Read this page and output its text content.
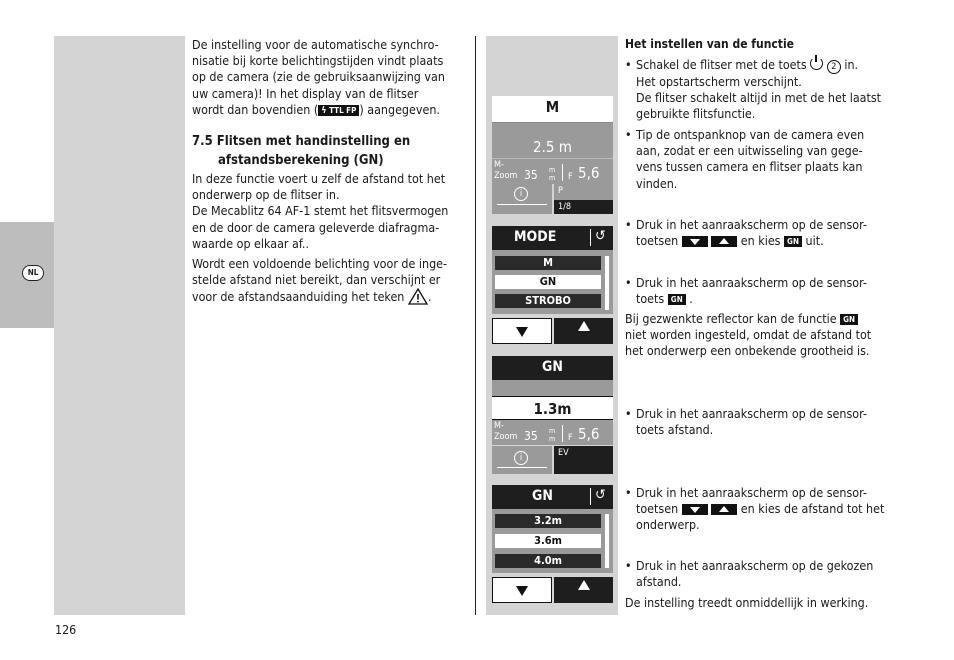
NL

De instelling voor de automatische synchro-

nisatie bij korte belichtingstijden vindt plaats

op de camera (zie de gebruiksaanwijzing van

uw camera)! In het display van de flitser

wordt dan bovendien ( ϟ TTL FP ) aangegeven.

7.5 Flitsen met handinstelling en
afstandsberekening (GN)

In deze functie voert u zelf de afstand tot het

onderwerp op de flitser in.

De Mecablitz 64 AF-1 stemt het flitsvermogen

en de door de camera geleverde diafragma-

waarde op elkaar af..

Wordt een voldoende belichting voor de inge-

stelde afstand niet bereikt, dan verschijnt er

voor de afstandsaanduiding het teken .

126
M
2.5 m
M-
Zoom 35 m
m F 5,6
i	P
1/8
MODE	↺
M
GN
STROBO
GN
1.3m
M-
Zoom 35 m
m F 5,6
i	EV
GN	↺
3.2m
3.6m
4.0m
Het instellen van de functie
• Schakel de flitser met de toets	2 in.
Het opstartscherm verschijnt.
De flitser schakelt altijd in met de het laatst
gebruikte flitsfunctie.
• Tip de ontspanknop van de camera even
aan, zodat er een uitwisseling van gege-
vens tussen camera en flitser plaats kan
vinden.
• Druk in het aanraakscherm op de sensor-
toetsen	en kies GN uit.
• Druk in het aanraakscherm op de sensor-
toets GN .

Bij gezwenkte reflector kan de functie GN

niet worden ingesteld, omdat de afstand tot

het onderwerp een onbekende grootheid is.

• Druk in het aanraakscherm op de sensor-
toets afstand.
• Druk in het aanraakscherm op de sensor-
toetsen	en kies de afstand tot het
onderwerp.
• Druk in het aanraakscherm op de gekozen
afstand.
De instelling treedt onmiddellijk in werking.
